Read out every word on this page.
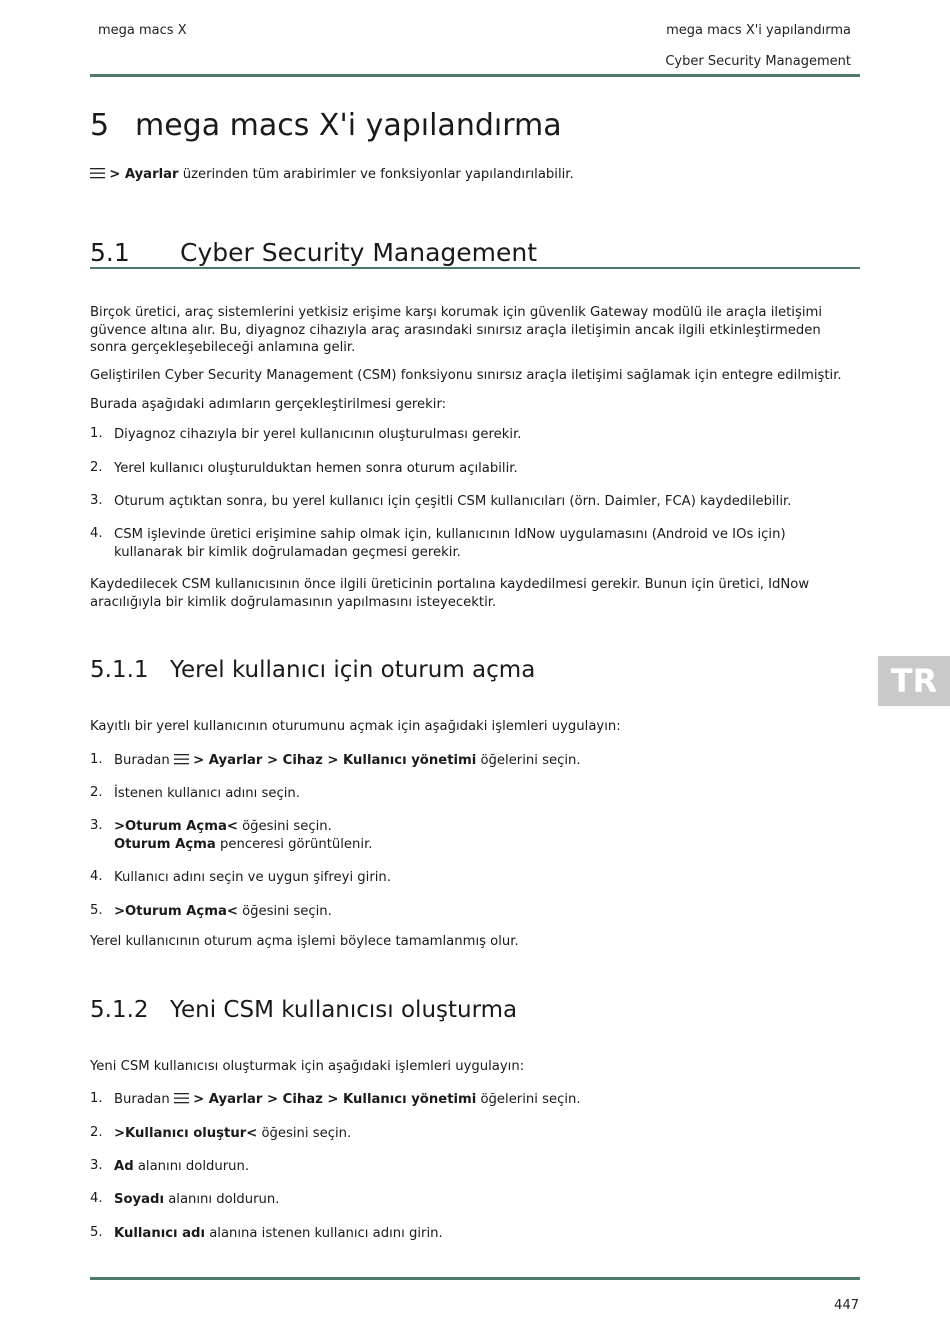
mega macs X	mega macs X'i yapılandırma
Cyber Security Management
5 mega macs X'i yapılandırma
> Ayarlar üzerinden tüm arabirimler ve fonksiyonlar yapılandırılabilir.
5.1 Cyber Security Management
Birçok üretici, araç sistemlerini yetkisiz erişime karşı korumak için güvenlik Gateway modülü ile araçla iletişimi güvence altına alır. Bu, diyagnoz cihazıyla araç arasındaki sınırsız araçla iletişimin ancak ilgili etkinleştirmeden sonra gerçekleşebileceği anlamına gelir.
Geliştirilen Cyber Security Management (CSM) fonksiyonu sınırsız araçla iletişimi sağlamak için entegre edilmiştir.
Burada aşağıdaki adımların gerçekleştirilmesi gerekir:
1. Diyagnoz cihazıyla bir yerel kullanıcının oluşturulması gerekir.
2. Yerel kullanıcı oluşturulduktan hemen sonra oturum açılabilir.
3. Oturum açtıktan sonra, bu yerel kullanıcı için çeşitli CSM kullanıcıları (örn. Daimler, FCA) kaydedilebilir.
4. CSM işlevinde üretici erişimine sahip olmak için, kullanıcının IdNow uygulamasını (Android ve IOs için) kullanarak bir kimlik doğrulamadan geçmesi gerekir.
Kaydedilecek CSM kullanıcısının önce ilgili üreticinin portalına kaydedilmesi gerekir. Bunun için üretici, IdNow aracılığıyla bir kimlik doğrulamasının yapılmasını isteyecektir.
5.1.1 Yerel kullanıcı için oturum açma
Kayıtlı bir yerel kullanıcının oturumunu açmak için aşağıdaki işlemleri uygulayın:
1. Buradan  > Ayarlar > Cihaz > Kullanıcı yönetimi öğelerini seçin.
2. İstenen kullanıcı adını seçin.
3. >Oturum Açma< öğesini seçin.
Oturum Açma penceresi görüntülenir.
4. Kullanıcı adını seçin ve uygun şifreyi girin.
5. >Oturum Açma< öğesini seçin.
Yerel kullanıcının oturum açma işlemi böylece tamamlanmış olur.
5.1.2 Yeni CSM kullanıcısı oluşturma
Yeni CSM kullanıcısı oluşturmak için aşağıdaki işlemleri uygulayın:
1. Buradan  > Ayarlar > Cihaz > Kullanıcı yönetimi öğelerini seçin.
2. >Kullanıcı oluştur< öğesini seçin.
3. Ad alanını doldurun.
4. Soyadı alanını doldurun.
5. Kullanıcı adı alanına istenen kullanıcı adını girin.
TR
447
